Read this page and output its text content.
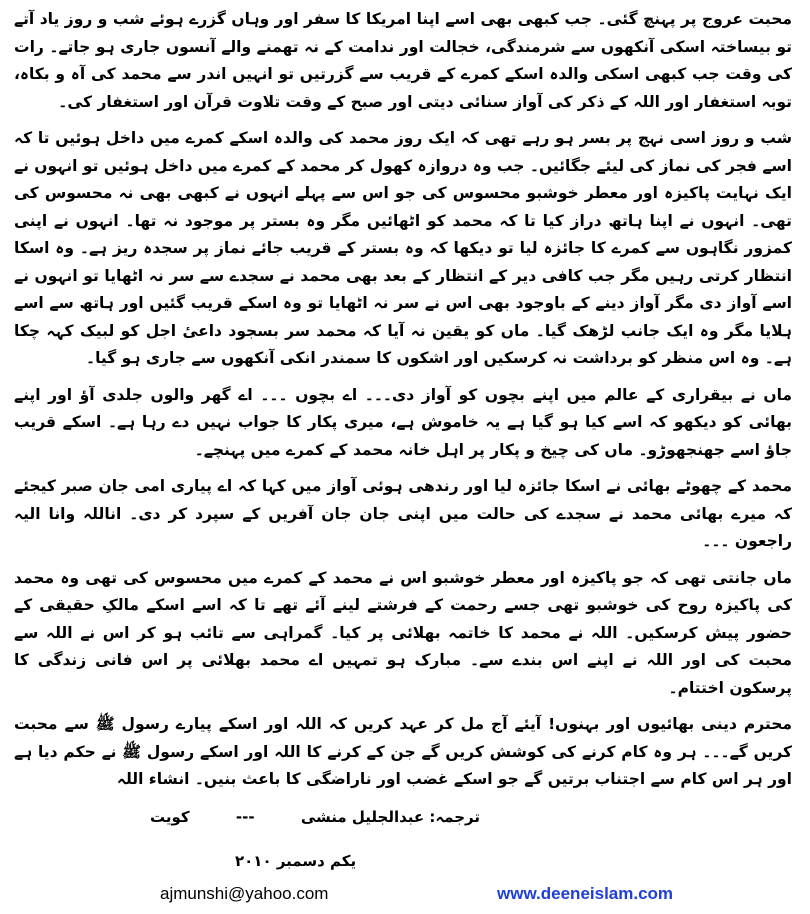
محبت عروج پر پہنچ گئی۔ جب کبھی بھی اسے اپنا امریکا کا سفر اور وہاں گزرے ہوئے شب و روز یاد آتے تو بیساختہ اسکی آنکھوں سے شرمندگی، خجالت اور ندامت کے نہ تھمنے والے آنسوں جاری ہو جاتے۔ رات کی وقت جب کبھی اسکی والدہ اسکے کمرے کے قریب سے گزرتیں تو انہیں اندر سے محمد کی آہ و بکاہ، توبہ استغفار اور اللہ کے ذکر کی آواز سنائی دیتی اور صبح کے وقت تلاوت قرآن اور استغفار کی۔

شب و روز اسی نہج پر بسر ہو رہے تھی کہ ایک روز محمد کی والدہ اسکے کمرے میں داخل ہوئیں تا کہ اسے فجر کی نماز کی لیئے جگائیں۔ جب وہ دروازہ کھول کر محمد کے کمرے میں داخل ہوئیں تو انہوں نے ایک نہایت پاکیزہ اور معطر خوشبو محسوس کی جو اس سے پہلے انہوں نے کبھی بھی نہ محسوس کی تھی۔ انہوں نے اپنا ہاتھ دراز کیا تا کہ محمد کو اٹھائیں مگر وہ بستر پر موجود نہ تھا۔ انہوں نے اپنی کمزور نگاہوں سے کمرے کا جائزہ لیا تو دیکھا کہ وہ بستر کے قریب جائے نماز پر سجدہ ریز ہے۔ وہ اسکا انتظار کرتی رہیں مگر جب کافی دیر کے انتظار کے بعد بھی محمد نے سجدے سے سر نہ اٹھایا تو انہوں نے اسے آواز دی مگر آواز دینے کے باوجود بھی اس نے سر نہ اٹھایا تو وہ اسکے قریب گئیں اور ہاتھ سے اسے ہلایا مگر وہ ایک جانب لڑھک گیا۔ ماں کو یقین نہ آیا کہ محمد سر بسجود داعیٔ اجل کو لبیک کہہ چکا ہے۔ وہ اس منظر کو برداشت نہ کرسکیں اور اشکوں کا سمندر انکی آنکھوں سے جاری ہو گیا۔

ماں نے بیقراری کے عالم میں اپنے بچوں کو آواز دی۔۔۔ اے بچوں ۔۔۔ اے گھر والوں جلدی آؤ اور اپنے بھائی کو دیکھو کہ اسے کیا ہو گیا ہے یہ خاموش ہے، میری پکار کا جواب نہیں دے رہا ہے۔ اسکے قریب جاؤ اسے جھنجھوڑو۔ ماں کی چیخ و پکار پر اہل خانہ محمد کے کمرے میں پہنچے۔

محمد کے چھوٹے بھائی نے اسکا جائزہ لیا اور رندھی ہوئی آواز میں کہا کہ اے پیاری امی جان صبر کیجئے کہ میرے بھائی محمد نے سجدے کی حالت میں اپنی جان جان آفریں کے سپرد کر دی۔ اناللہ وانا الیہ راجعون ۔۔۔

ماں جانتی تھی کہ جو پاکیزہ اور معطر خوشبو اس نے محمد کے کمرے میں محسوس کی تھی وہ محمد کی پاکیزہ روح کی خوشبو تھی جسے رحمت کے فرشتے لینے آئے تھے تا کہ اسے اسکے مالکِ حقیقی کے حضور پیش کرسکیں۔ اللہ نے محمد کا خاتمہ بھلائی پر کیا۔ گمراہی سے تائب ہو کر اس نے اللہ سے محبت کی اور اللہ نے اپنے اس بندے سے۔ مبارک ہو تمہیں اے محمد بھلائی پر اس فانی زندگی کا پرسکون اختتام۔

محترم دینی بھائیوں اور بہنوں! آیئے آج مل کر عہد کریں کہ اللہ اور اسکے پیارے رسول ﷺ سے محبت کریں گے۔۔۔ ہر وہ کام کرنے کی کوشش کریں گے جن کے کرنے کا اللہ اور اسکے رسول ﷺ نے حکم دیا ہے اور ہر اس کام سے اجتناب برتیں گے جو اسکے غضب اور ناراضگی کا باعث بنیں۔ انشاء اللہ

ترجمہ: عبدالجلیل منشی
---
کویت
یکم دسمبر ۲۰۱۰
ajmunshi@yahoo.com	www.deeneislam.com
